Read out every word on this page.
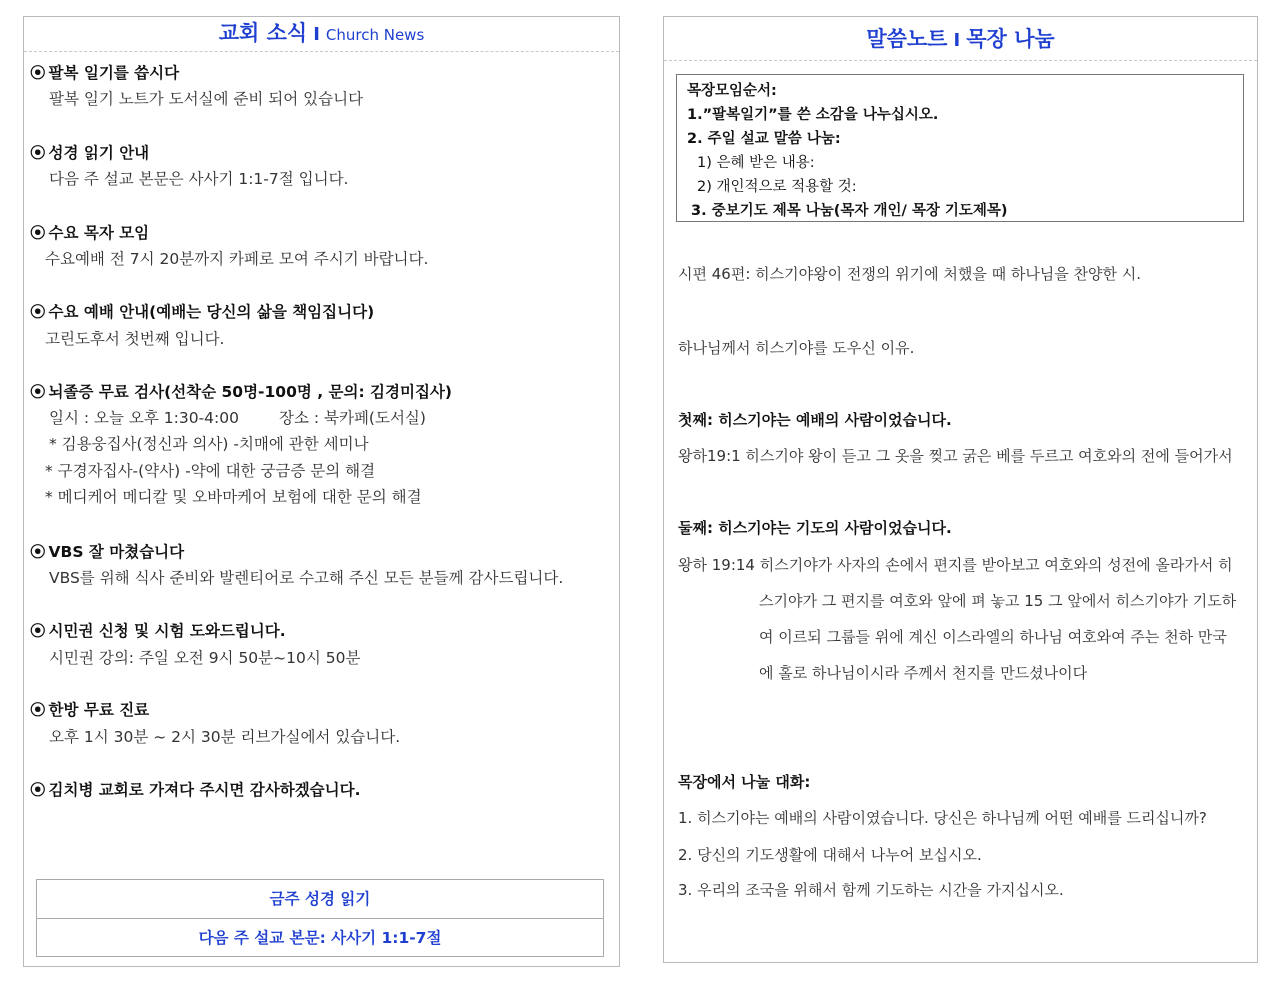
교회 소식 I Church News
⦿ 팔복 일기를 씁시다
팔복 일기 노트가 도서실에 준비 되어 있습니다
⦿ 성경 읽기 안내
다음 주 설교 본문은 사사기 1:1-7절 입니다.
⦿ 수요 목자 모임
수요예배 전 7시 20분까지 카페로 모여 주시기 바랍니다.
⦿ 수요 예배 안내(예배는 당신의 삶을 책임집니다)
고린도후서 첫번째 입니다.
⦿ 뇌졸증 무료 검사(선착순 50명-100명 , 문의: 김경미집사)
일시 : 오늘 오후 1:30-4:00	장소 : 북카페(도서실)
* 김용웅집사(정신과 의사) -치매에 관한 세미나
* 구경자집사-(약사) -약에 대한 궁금증 문의 해결
* 메디케어 메디칼 및 오바마케어 보험에 대한 문의 해결
⦿ VBS 잘 마쳤습니다
VBS를 위해 식사 준비와 발렌티어로 수고해 주신 모든 분들께 감사드립니다.
⦿ 시민권 신청 및 시험 도와드립니다.
시민권 강의: 주일 오전 9시 50분~10시 50분
⦿ 한방 무료 진료
오후 1시 30분 ~ 2시 30분 리브가실에서 있습니다.
⦿ 김치병 교회로 가져다 주시면 감사하겠습니다.
금주 성경 읽기
다음 주 설교 본문: 사사기 1:1-7절
말씀노트 I 목장 나눔
목장모임순서:
1.”팔복일기”를 쓴 소감을 나누십시오.
2. 주일 설교 말씀 나눔:
1) 은혜 받은 내용:
2) 개인적으로 적용할 것:
3. 중보기도 제목 나눔(목자 개인/ 목장 기도제목)
시편 46편: 히스기야왕이 전쟁의 위기에 처했을 때 하나님을 찬양한 시.
하나님께서 히스기야를 도우신 이유.
첫째: 히스기야는 예배의 사람이었습니다.
왕하19:1 히스기야 왕이 듣고 그 옷을 찢고 굵은 베를 두르고 여호와의 전에 들어가서
둘째: 히스기야는 기도의 사람이었습니다.
왕하 19:14 히스기야가 사자의 손에서 편지를 받아보고 여호와의 성전에 올라가서 히
스기야가 그 편지를 여호와 앞에 펴 놓고 15 그 앞에서 히스기야가 기도하
여 이르되 그룹들 위에 계신 이스라엘의 하나님 여호와여 주는 천하 만국
에 홀로 하나님이시라 주께서 천지를 만드셨나이다
목장에서 나눌 대화:
1. 히스기야는 예배의 사람이였습니다. 당신은 하나님께 어떤 예배를 드리십니까?
2. 당신의 기도생활에 대해서 나누어 보십시오.
3. 우리의 조국을 위해서 함께 기도하는 시간을 가지십시오.
